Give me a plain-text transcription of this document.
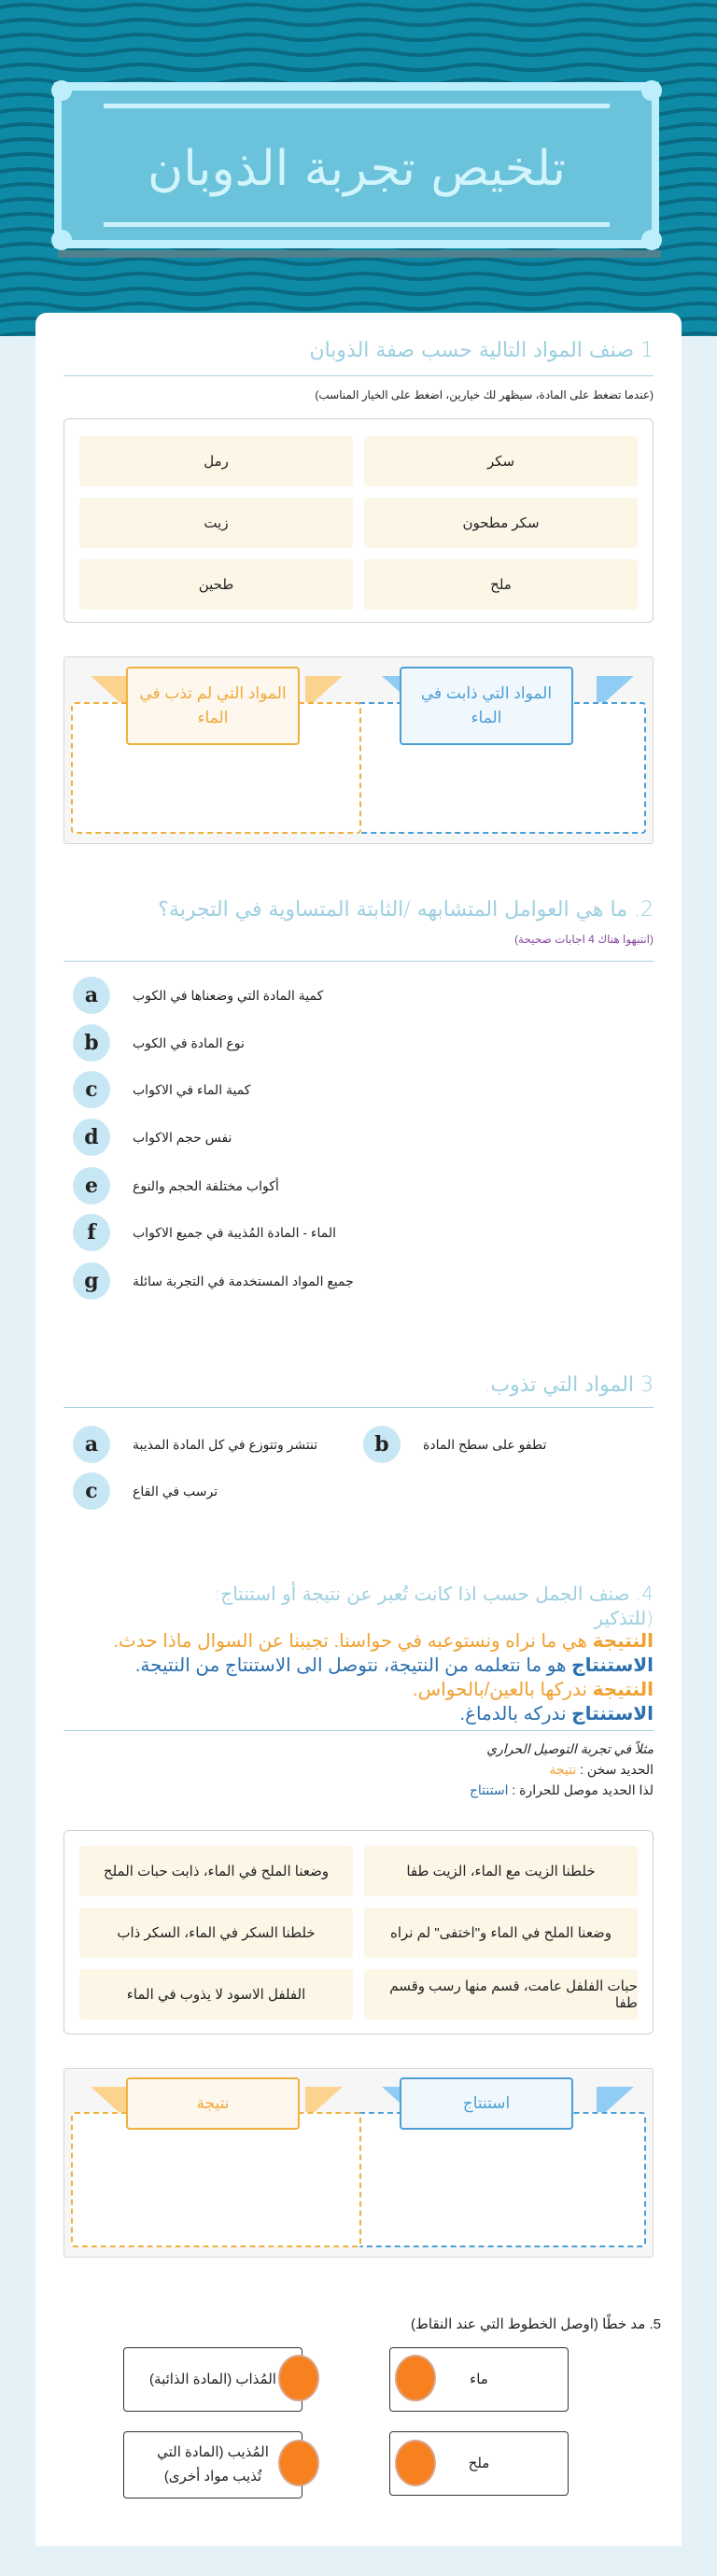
تلخيص تجربة الذوبان
1 صنف المواد التالية حسب صفة الذوبان
(عندما تضغط على المادة، سيظهر لك خيارين، اضغط على الخيار المناسب)
سكر
رمل
سكر مطحون
زيت
ملح
طحين
المواد التي ذابت في الماء
المواد التي لم تذب في الماء
2. ما هي العوامل المتشابهه /الثابتة المتساوية في التجربة؟
(انتبهوا هناك 4 اجابات صحيحة)
a	كمية المادة التي وضعناها في الكوب
b	نوع المادة في الكوب
c	كمية الماء في الاكواب
d	نفس حجم الاكواب
e	أكواب مختلفة الحجم والنوع
f	الماء - المادة المُذيبة في جميع الاكواب
g	جميع المواد المستخدمة في التجربة سائلة
3 المواد التي تذوب.
a	تنتشر وتتوزع في كل المادة المذيبة	b	تطفو على سطح المادة
c	ترسب في القاع
4. صنف الجمل حسب اذا كانت تُعبر عن نتيجة أو استنتاج:
(للتذكير
النتيجة هي ما نراه ونستوعبه في حواسنا. تجيبنا عن السوال ماذا حدث.
الاستنتاج هو ما نتعلمه من النتيجة، نتوصل الى الاستنتاج من النتيجة.
النتيجة ندركها بالعين/بالحواس.
الاستنتاج ندركه بالدماغ.
مثلاً في تجربة التوصيل الحراري
الحديد سخن : نتيجة
لذا الحديد موصل للحرارة : استنتاج
خلطنا الزيت مع الماء، الزيت طفا
وضعنا الملح في الماء، ذابت حبات الملح
وضعنا الملح في الماء و"اختفى" لم نراه
خلطنا السكر في الماء، السكر ذاب
حبات الفلفل عامت، قسم منها رسب وقسم طفا
الفلفل الاسود لا يذوب في الماء
استنتاج
نتيجة
5. مد خطًا (اوصل الخطوط التي عند النقاط)
ماء
المُذاب (المادة الذائبة)
ملح
المُذيب (المادة التي تُذيب مواد أخرى)
